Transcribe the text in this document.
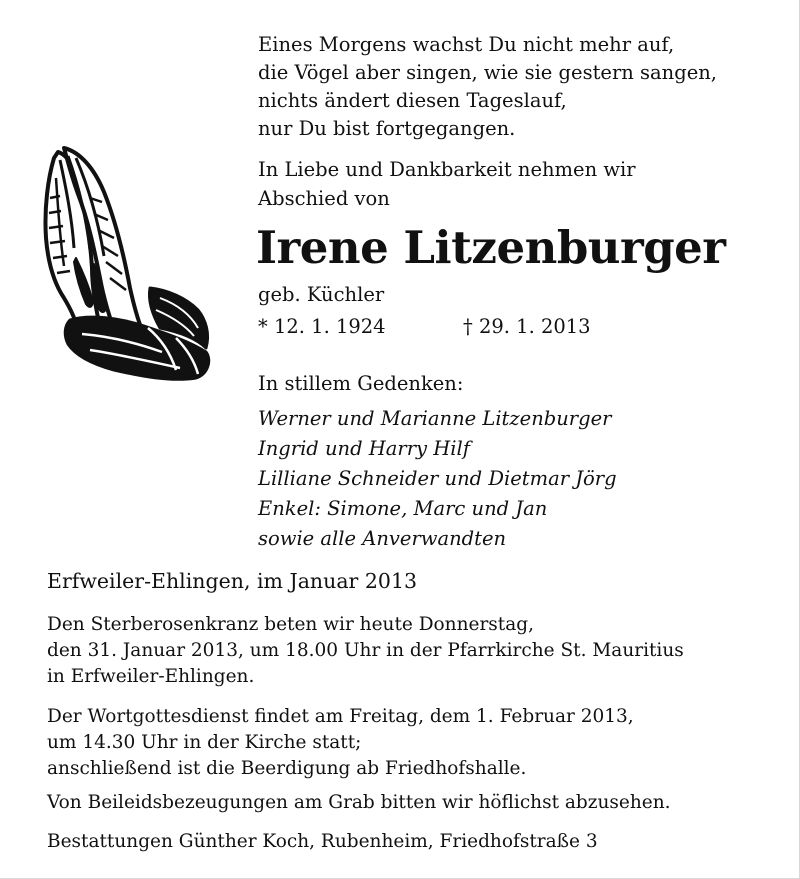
Eines Morgens wachst Du nicht mehr auf,
die Vögel aber singen, wie sie gestern sangen,
nichts ändert diesen Tageslauf,
nur Du bist fortgegangen.
In Liebe und Dankbarkeit nehmen wir
Abschied von
Irene Litzenburger
geb. Küchler
* 12. 1. 1924	† 29. 1. 2013
In stillem Gedenken:
Werner und Marianne Litzenburger
Ingrid und Harry Hilf
Lilliane Schneider und Dietmar Jörg
Enkel: Simone, Marc und Jan
sowie alle Anverwandten
Erfweiler-Ehlingen, im Januar 2013
Den Sterberosenkranz beten wir heute Donnerstag,
den 31. Januar 2013, um 18.00 Uhr in der Pfarrkirche St. Mauritius
in Erfweiler-Ehlingen.
Der Wortgottesdienst findet am Freitag, dem 1. Februar 2013,
um 14.30 Uhr in der Kirche statt;
anschließend ist die Beerdigung ab Friedhofshalle.
Von Beileidsbezeugungen am Grab bitten wir höflichst abzusehen.
Bestattungen Günther Koch, Rubenheim, Friedhofstraße 3
